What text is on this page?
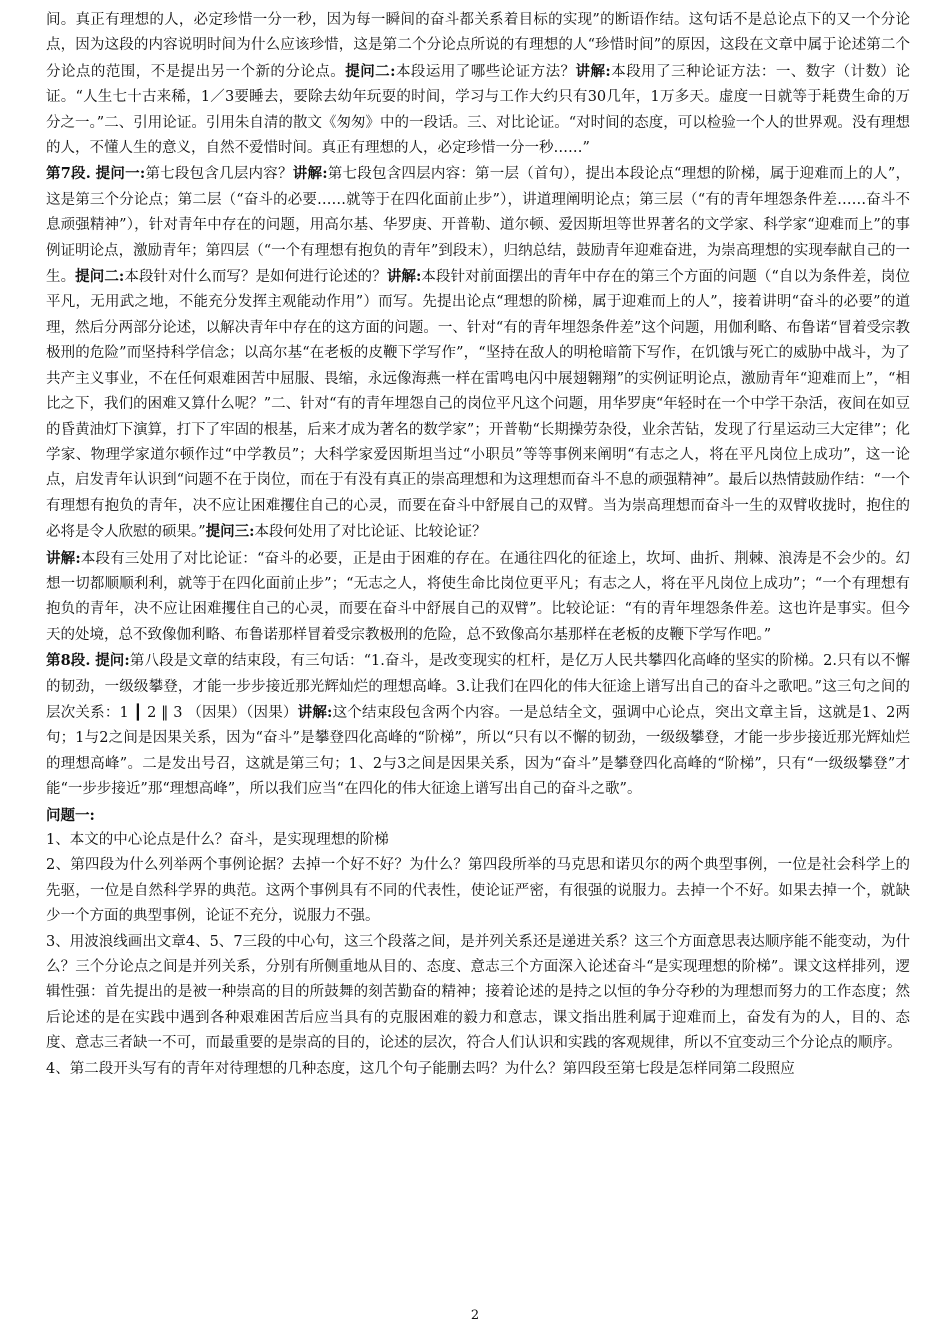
间。真正有理想的人，必定珍惜一分一秒，因为每一瞬间的奋斗都关系着目标的实现”的断语作结。这句话不是总论点下的又一个分论点，因为这段的内容说明时间为什么应该珍惜，这是第二个分论点所说的有理想的人“珍惜时间”的原因，这段在文章中属于论述第二个分论点的范围，不是提出另一个新的分论点。提问二:本段运用了哪些论证方法？讲解:本段用了三种论证方法：一、数字（计数）论证。“人生七十古来稀，1／3要睡去，要除去幼年玩耍的时间，学习与工作大约只有30几年，1万多天。虚度一日就等于耗费生命的万分之一。”二、引用论证。引用朱自清的散文《匆匆》中的一段话。三、对比论证。“对时间的态度，可以检验一个人的世界观。没有理想的人，不懂人生的意义，自然不爱惜时间。真正有理想的人，必定珍惜一分一秒……”

第7段. 提问一:第七段包含几层内容？讲解:第七段包含四层内容：第一层（首句），提出本段论点“理想的阶梯，属于迎难而上的人”，这是第三个分论点；第二层（“奋斗的必要……就等于在四化面前止步”），讲道理阐明论点；第三层（“有的青年埋怨条件差……奋斗不息顽强精神”），针对青年中存在的问题，用高尔基、华罗庚、开普勒、道尔顿、爱因斯坦等世界著名的文学家、科学家“迎难而上”的事例证明论点，激励青年；第四层（“一个有理想有抱负的青年”到段末），归纳总结，鼓励青年迎难奋进，为崇高理想的实现奉献自己的一生。提问二:本段针对什么而写？是如何进行论述的？讲解:本段针对前面摆出的青年中存在的第三个方面的问题（“自以为条件差，岗位平凡，无用武之地，不能充分发挥主观能动作用”）而写。先提出论点“理想的阶梯，属于迎难而上的人”，接着讲明“奋斗的必要”的道理，然后分两部分论述，以解决青年中存在的这方面的问题。一、针对“有的青年埋怨条件差”这个问题，用伽利略、布鲁诺“冒着受宗教极刑的危险”而坚持科学信念；以高尔基“在老板的皮鞭下学写作”，“坚持在敌人的明枪暗箭下写作，在饥饿与死亡的威胁中战斗，为了共产主义事业，不在任何艰难困苦中屈服、畏缩，永远像海燕一样在雷鸣电闪中展翅翱翔”的实例证明论点，激励青年“迎难而上”，“相比之下，我们的困难又算什么呢？”二、针对“有的青年埋怨自己的岗位平凡这个问题，用华罗庚“年轻时在一个中学干杂活，夜间在如豆的昏黄油灯下演算，打下了牢固的根基，后来才成为著名的数学家”；开普勒“长期操劳杂役，业余苦钻，发现了行星运动三大定律”；化学家、物理学家道尔顿作过“中学教员”；大科学家爱因斯坦当过“小职员”等等事例来阐明“有志之人，将在平凡岗位上成功”，这一论点，启发青年认识到“问题不在于岗位，而在于有没有真正的崇高理想和为这理想而奋斗不息的顽强精神”。最后以热情鼓励作结：“一个有理想有抱负的青年，决不应让困难攫住自己的心灵，而要在奋斗中舒展自己的双臂。当为崇高理想而奋斗一生的双臂收拢时，抱住的必将是令人欣慰的硕果。”提问三:本段何处用了对比论证、比较论证？

讲解:本段有三处用了对比论证：“奋斗的必要，正是由于困难的存在。在通往四化的征途上，坎坷、曲折、荆棘、浪涛是不会少的。幻想一切都顺顺利利，就等于在四化面前止步”；“无志之人，将使生命比岗位更平凡；有志之人，将在平凡岗位上成功”；“一个有理想有抱负的青年，决不应让困难攫住自己的心灵，而要在奋斗中舒展自己的双臂”。比较论证：“有的青年埋怨条件差。这也许是事实。但今天的处境，总不致像伽利略、布鲁诺那样冒着受宗教极刑的危险，总不致像高尔基那样在老板的皮鞭下学写作吧。”

第8段. 提问:第八段是文章的结束段，有三句话：“1.奋斗，是改变现实的杠杆，是亿万人民共攀四化高峰的坚实的阶梯。2.只有以不懈的韧劲，一级级攀登，才能一步步接近那光辉灿烂的理想高峰。3.让我们在四化的伟大征途上谱写出自己的奋斗之歌吧。”这三句之间的层次关系：1 ┃ 2 ‖ 3 （因果）（因果）讲解:这个结束段包含两个内容。一是总结全文，强调中心论点，突出文章主旨，这就是1、2两句；1与2之间是因果关系，因为“奋斗”是攀登四化高峰的“阶梯”，所以“只有以不懈的韧劲，一级级攀登，才能一步步接近那光辉灿烂的理想高峰”。二是发出号召，这就是第三句；1、2与3之间是因果关系，因为“奋斗”是攀登四化高峰的“阶梯”，只有“一级级攀登”才能“一步步接近”那“理想高峰”，所以我们应当“在四化的伟大征途上谱写出自己的奋斗之歌”。

问题一:

1、本文的中心论点是什么？奋斗，是实现理想的阶梯

2、第四段为什么列举两个事例论据？去掉一个好不好？为什么？第四段所举的马克思和诺贝尔的两个典型事例，一位是社会科学上的先驱，一位是自然科学界的典范。这两个事例具有不同的代表性，使论证严密，有很强的说服力。去掉一个不好。如果去掉一个，就缺少一个方面的典型事例，论证不充分，说服力不强。

3、用波浪线画出文章4、5、7三段的中心句，这三个段落之间，是并列关系还是递进关系？这三个方面意思表达顺序能不能变动，为什么？三个分论点之间是并列关系，分别有所侧重地从目的、态度、意志三个方面深入论述奋斗“是实现理想的阶梯”。课文这样排列，逻辑性强：首先提出的是被一种崇高的目的所鼓舞的刻苦勤奋的精神；接着论述的是持之以恒的争分夺秒的为理想而努力的工作态度；然后论述的是在实践中遇到各种艰难困苦后应当具有的克服困难的毅力和意志，课文指出胜利属于迎难而上，奋发有为的人，目的、态度、意志三者缺一不可，而最重要的是崇高的目的，论述的层次，符合人们认识和实践的客观规律，所以不宜变动三个分论点的顺序。

4、第二段开头写有的青年对待理想的几种态度，这几个句子能删去吗？为什么？第四段至第七段是怎样同第二段照应

2
